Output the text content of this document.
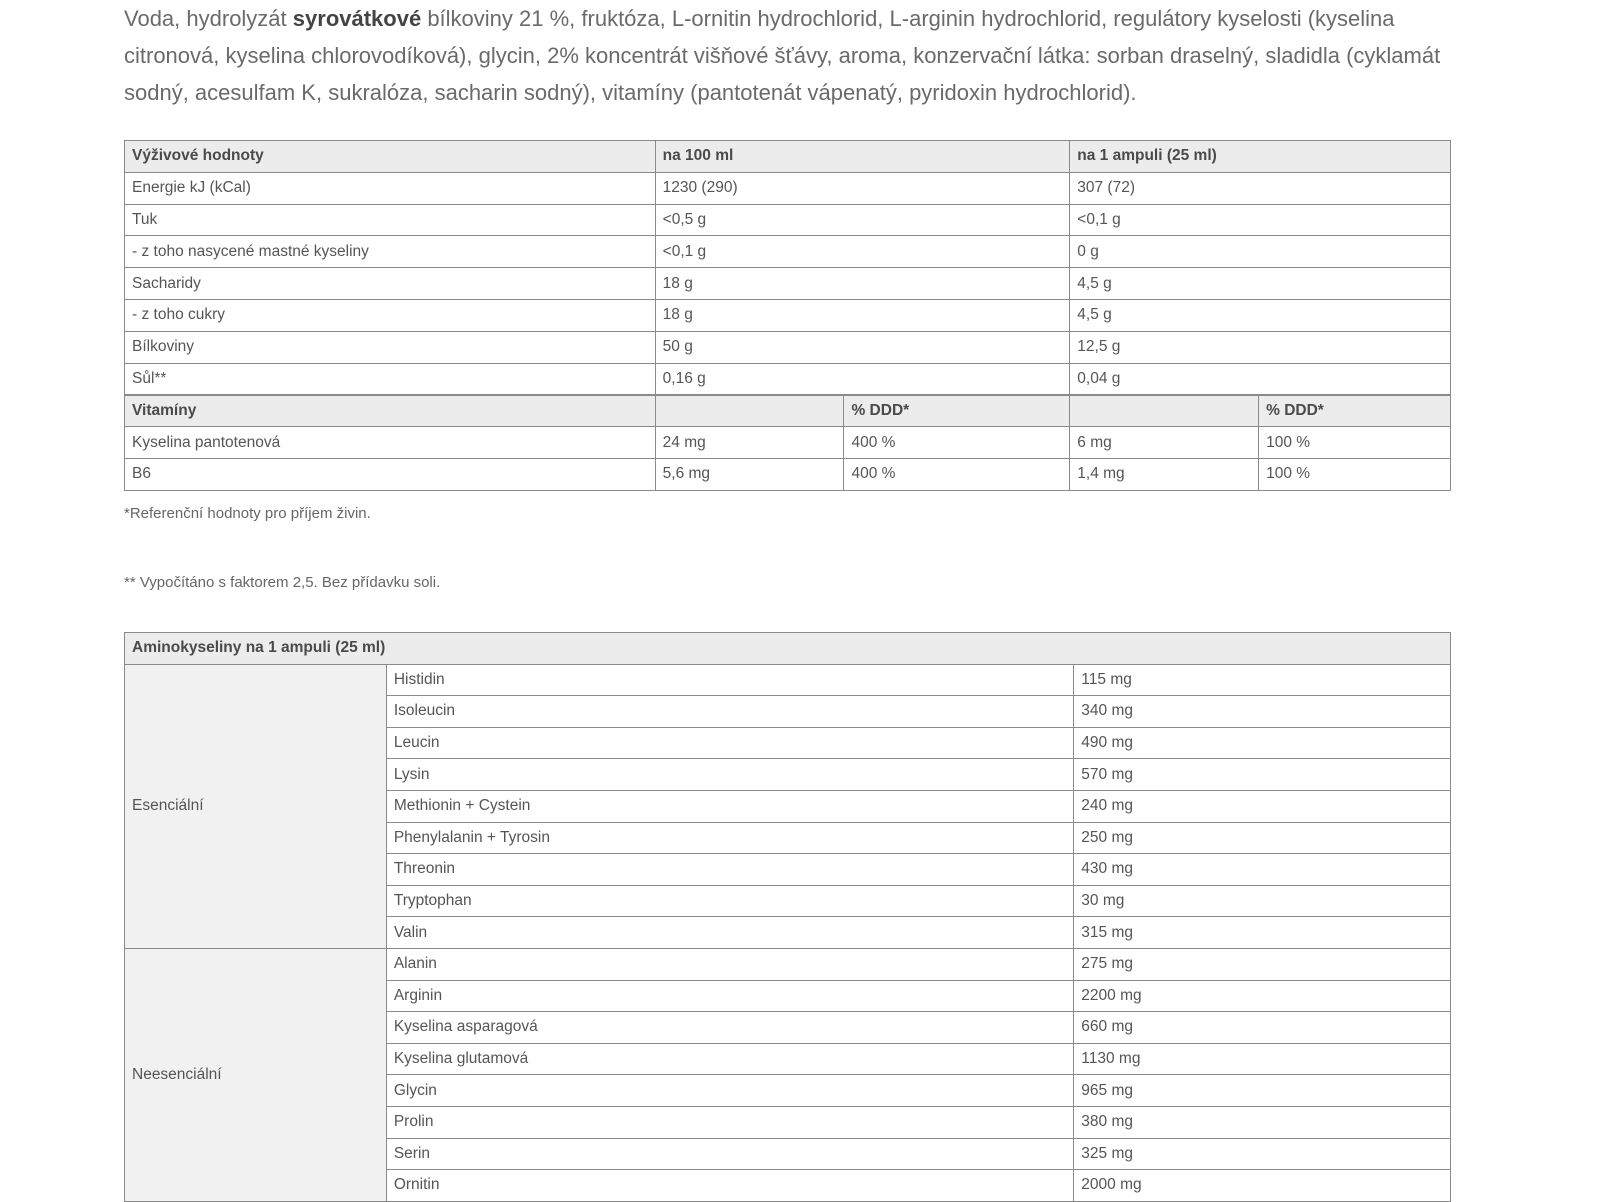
Voda, hydrolyzát syrovátkové bílkoviny 21 %, fruktóza, L-ornitin hydrochlorid, L-arginin hydrochlorid, regulátory kyselosti (kyselina citronová, kyselina chlorovodíková), glycin, 2% koncentrát višňové šťávy, aroma, konzervační látka: sorban draselný, sladidla (cyklamát sodný, acesulfam K, sukralóza, sacharin sodný), vitamíny (pantotenát vápenatý, pyridoxin hydrochlorid).

Výživové hodnoty	na 100 ml		na 1 ampuli (25 ml)	
Energie kJ (kCal)	1230 (290)		307 (72)	
Tuk	<0,5 g		<0,1 g	
- z toho nasycené mastné kyseliny	<0,1 g		0 g	
Sacharidy	18 g		4,5 g	
- z toho cukry	18 g		4,5 g	
Bílkoviny	50 g		12,5 g	
Sůl**	0,16 g		0,04 g	
Vitamíny		% DDD*		% DDD*
Kyselina pantotenová	24 mg	400 %	6 mg	100 %
B6	5,6 mg	400 %	1,4 mg	100 %

*Referenční hodnoty pro příjem živin.

** Vypočítáno s faktorem 2,5. Bez přídavku soli.

Aminokyseliny na 1 ampuli (25 ml)		
Esenciální	Histidin	115 mg
	Isoleucin	340 mg
	Leucin	490 mg
	Lysin	570 mg
	Methionin + Cystein	240 mg
	Phenylalanin + Tyrosin	250 mg
	Threonin	430 mg
	Tryptophan	30 mg
	Valin	315 mg
Neesenciální	Alanin	275 mg
	Arginin	2200 mg
	Kyselina asparagová	660 mg
	Kyselina glutamová	1130 mg
	Glycin	965 mg
	Prolin	380 mg
	Serin	325 mg
	Ornitin	2000 mg
